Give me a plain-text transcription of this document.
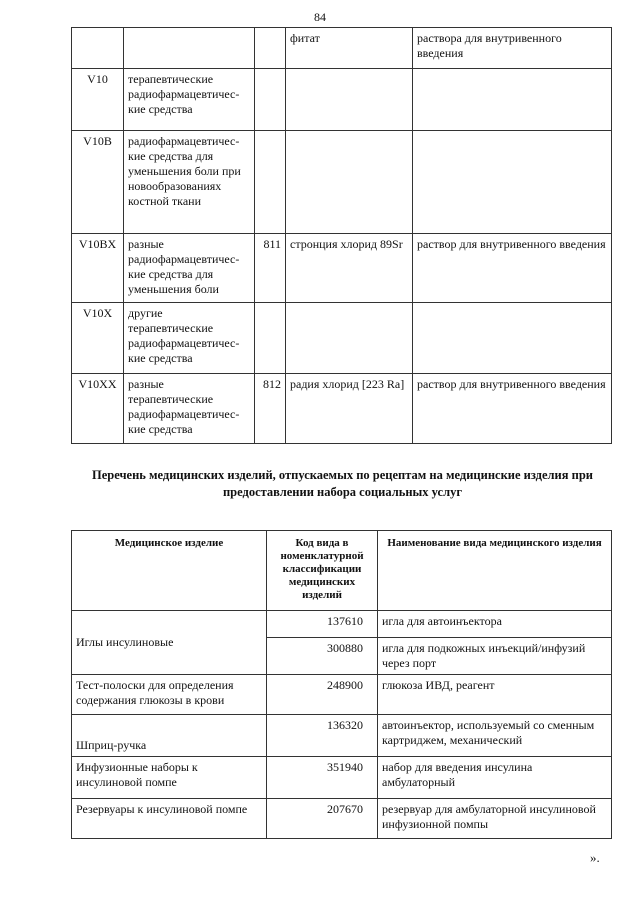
84
			фитат	раствора для внутривенного введения
V10	терапевтические радиофармацевтичес-кие средства			
V10B	радиофармацевтичес-кие средства для уменьшения боли при новообразованиях костной ткани			
V10BX	разные радиофармацевтичес-кие средства для уменьшения боли	811	стронция хлорид 89Sr	раствор для внутривенного введения
V10X	другие терапевтические радиофармацевтичес-кие средства			
V10XX	разные терапевтические радиофармацевтичес-кие средства	812	радия хлорид [223 Ra]	раствор для внутривенного введения
Перечень медицинских изделий, отпускаемых по рецептам на медицинские изделия при предоставлении набора социальных услуг
Медицинское изделие	Код вида в номенклатурной классификации медицинских изделий	Наименование вида медицинского изделия
Иглы инсулиновые	137610	игла для автоинъектора
	300880	игла для подкожных инъекций/инфузий через порт
Тест-полоски для определения содержания глюкозы в крови	248900	глюкоза ИВД, реагент
Шприц-ручка	136320	автоинъектор, используемый со сменным картриджем, механический
Инфузионные наборы к инсулиновой помпе	351940	набор для введения инсулина амбулаторный
Резервуары к инсулиновой помпе	207670	резервуар для амбулаторной инсулиновой инфузионной помпы
».
